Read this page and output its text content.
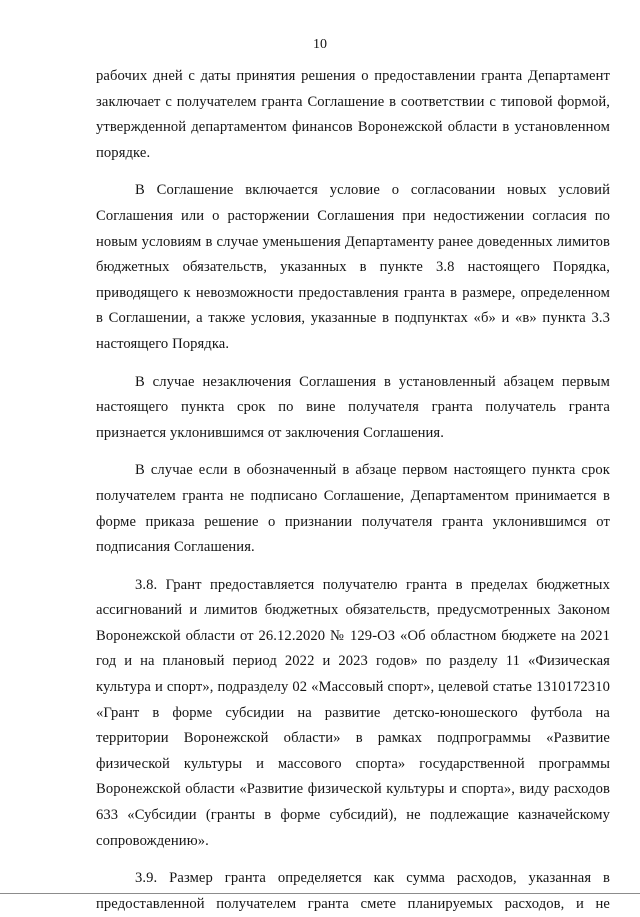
10

рабочих дней с даты принятия решения о предоставлении гранта Департамент заключает с получателем гранта Соглашение в соответствии с типовой формой, утвержденной департаментом финансов Воронежской области в установленном порядке.

В Соглашение включается условие о согласовании новых условий Соглашения или о расторжении Соглашения при недостижении согласия по новым условиям в случае уменьшения Департаменту ранее доведенных лимитов бюджетных обязательств, указанных в пункте 3.8 настоящего Порядка, приводящего к невозможности предоставления гранта в размере, определенном в Соглашении, а также условия, указанные в подпунктах «б» и «в» пункта 3.3 настоящего Порядка.

В случае незаключения Соглашения в установленный абзацем первым настоящего пункта срок по вине получателя гранта получатель гранта признается уклонившимся от заключения Соглашения.

В случае если в обозначенный в абзаце первом настоящего пункта срок получателем гранта не подписано Соглашение, Департаментом принимается в форме приказа решение о признании получателя гранта уклонившимся от подписания Соглашения.

3.8. Грант предоставляется получателю гранта в пределах бюджетных ассигнований и лимитов бюджетных обязательств, предусмотренных Законом Воронежской области от 26.12.2020 № 129-ОЗ «Об областном бюджете на 2021 год и на плановый период 2022 и 2023 годов» по разделу 11 «Физическая культура и спорт», подразделу 02 «Массовый спорт», целевой статье 1310172310 «Грант в форме субсидии на развитие детско-юношеского футбола на территории Воронежской области» в рамках подпрограммы «Развитие физической культуры и массового спорта» государственной программы Воронежской области «Развитие физической культуры и спорта», виду расходов 633 «Субсидии (гранты в форме субсидий), не подлежащие казначейскому сопровождению».

3.9. Размер гранта определяется как сумма расходов, указанная в предоставленной получателем гранта смете планируемых расходов, и не
